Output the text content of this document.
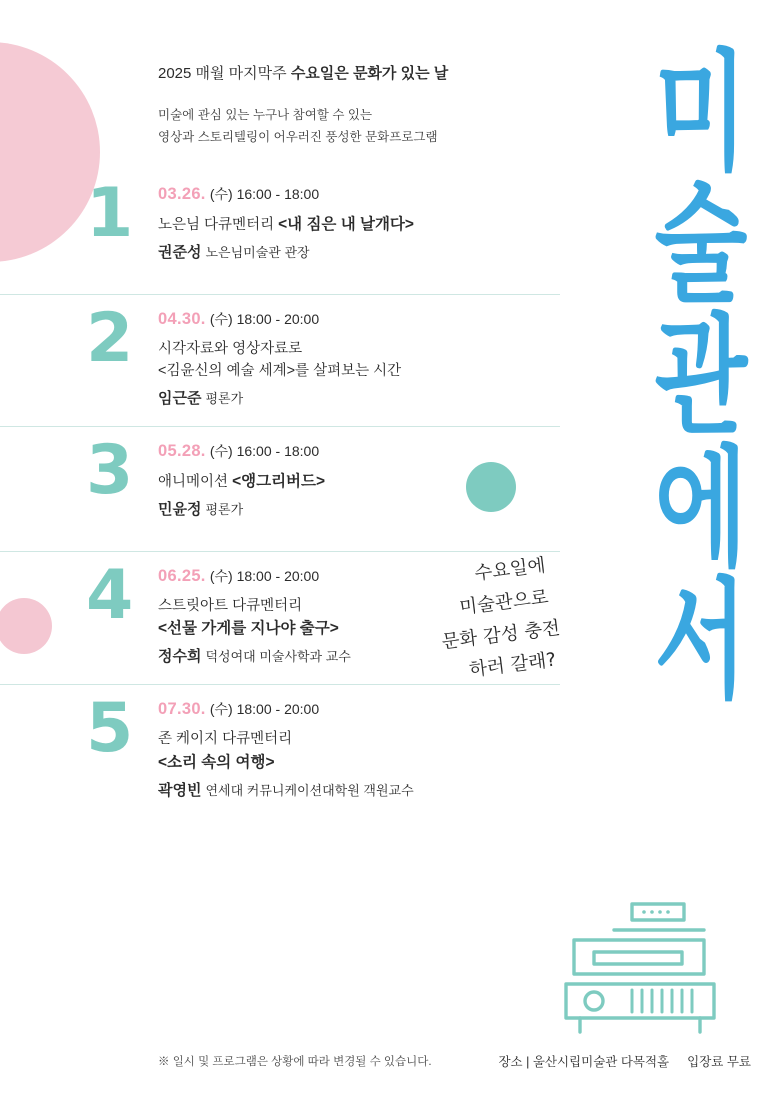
미
술
관
에
서
2025 매월 마지막주 수요일은 문화가 있는 날
미술에 관심 있는 누구나 참여할 수 있는
영상과 스토리텔링이 어우러진 풍성한 문화프로그램
1 03.26. (수) 16:00 - 18:00
노은님 다큐멘터리 <내 짐은 내 날개다>
권준성 노은님미술관 관장
2 04.30. (수) 18:00 - 20:00
시각자료와 영상자료로
<김윤신의 예술 세계>를 살펴보는 시간
임근준 평론가
3 05.28. (수) 16:00 - 18:00
애니메이션 <앵그리버드>
민윤정 평론가
4 06.25. (수) 18:00 - 20:00
스트릿아트 다큐멘터리
<선물 가게를 지나야 출구>
정수희 덕성여대 미술사학과 교수
5 07.30. (수) 18:00 - 20:00
존 케이지 다큐멘터리
<소리 속의 여행>
곽영빈 연세대 커뮤니케이션대학원 객원교수
수요일에
미술관으로
문화 감성 충전
하러 갈래?
※ 일시 및 프로그램은 상황에 따라 변경될 수 있습니다.	장소 | 울산시립미술관 다목적홀 입장료 무료
